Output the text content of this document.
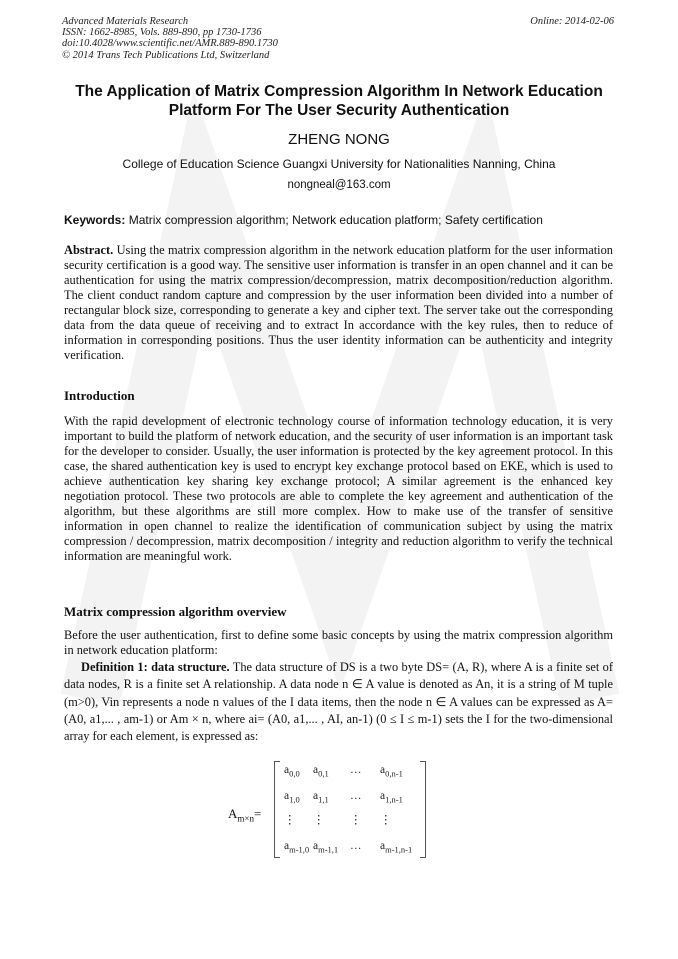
Advanced Materials Research
ISSN: 1662-8985, Vols. 889-890, pp 1730-1736
doi:10.4028/www.scientific.net/AMR.889-890.1730
© 2014 Trans Tech Publications Ltd, Switzerland
Online: 2014-02-06
The Application of Matrix Compression Algorithm In Network Education Platform For The User Security Authentication
ZHENG NONG
College of Education Science Guangxi University for Nationalities Nanning, China
nongneal@163.com
Keywords: Matrix compression algorithm; Network education platform; Safety certification

Abstract. Using the matrix compression algorithm in the network education platform for the user information security certification is a good way. The sensitive user information is transfer in an open channel and it can be authentication for using the matrix compression/decompression, matrix decomposition/reduction algorithm. The client conduct random capture and compression by the user information been divided into a number of rectangular block size, corresponding to generate a key and cipher text. The server take out the corresponding data from the data queue of receiving and to extract In accordance with the key rules, then to reduce of information in corresponding positions. Thus the user identity information can be authenticity and integrity verification.

Introduction

With the rapid development of electronic technology course of information technology education, it is very important to build the platform of network education, and the security of user information is an important task for the developer to consider. Usually, the user information is protected by the key agreement protocol. In this case, the shared authentication key is used to encrypt key exchange protocol based on EKE, which is used to achieve authentication key sharing key exchange protocol; A similar agreement is the enhanced key negotiation protocol. These two protocols are able to complete the key agreement and authentication of the algorithm, but these algorithms are still more complex. How to make use of the transfer of sensitive information in open channel to realize the identification of communication subject by using the matrix compression / decompression, matrix decomposition / integrity and reduction algorithm to verify the technical information are meaningful work.

Matrix compression algorithm overview

Before the user authentication, first to define some basic concepts by using the matrix compression algorithm in network education platform:

Definition 1: data structure. The data structure of DS is a two byte DS= (A, R), where A is a finite set of data nodes, R is a finite set A relationship. A data node n ∈ A value is denoted as An, it is a string of M tuple (m>0), Vin represents a node n values of the I data items, then the node n ∈ A values can be expressed as A= (A0, a1,... , am-1) or Am × n, where ai= (A0, a1,... , AI, an-1) (0 ≤ I ≤ m-1) sets the I for the two-dimensional array for each element, is expressed as:

$A_{m\times n}=$
$a_{0,0}$ $a_{0,1}$ … $a_{0,n-1}$
$a_{1,0}$ $a_{1,1}$ … $a_{1,n-1}$
⋮ ⋮ ⋮ ⋮
$a_{m-1,0}$ $a_{m-1,1}$ … $a_{m-1,n-1}$
